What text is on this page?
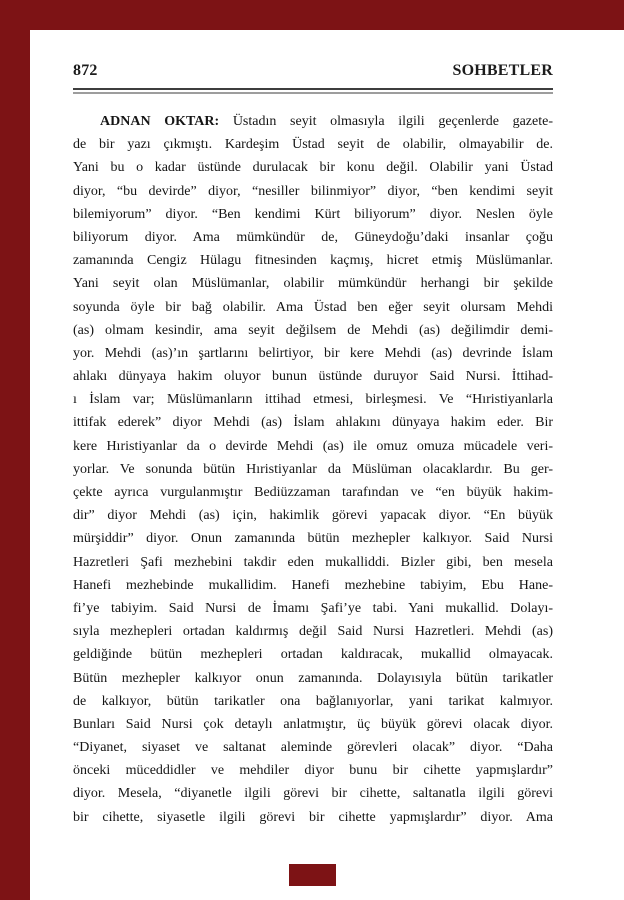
872	SOHBETLER
ADNAN OKTAR: Üstadın seyit olmasıyla ilgili geçenlerde gazete-
de bir yazı çıkmıştı. Kardeşim Üstad seyit de olabilir, olmayabilir de.
Yani bu o kadar üstünde durulacak bir konu değil. Olabilir yani Üstad
diyor, “bu devirde” diyor, “nesiller bilinmiyor” diyor, “ben kendimi seyit
bilemiyorum” diyor. “Ben kendimi Kürt biliyorum” diyor. Neslen öyle
biliyorum diyor. Ama mümkündür de, Güneydoğu’daki insanlar çoğu
zamanında Cengiz Hülagu fitnesinden kaçmış, hicret etmiş Müslümanlar.
Yani seyit olan Müslümanlar, olabilir mümkündür herhangi bir şekilde
soyunda öyle bir bağ olabilir. Ama Üstad ben eğer seyit olursam Mehdi
(as) olmam kesindir, ama seyit değilsem de Mehdi (as) değilimdir demi-
yor. Mehdi (as)’ın şartlarını belirtiyor, bir kere Mehdi (as) devrinde İslam
ahlakı dünyaya hakim oluyor bunun üstünde duruyor Said Nursi. İttihad-
ı İslam var; Müslümanların ittihad etmesi, birleşmesi. Ve “Hıristiyanlarla
ittifak ederek” diyor Mehdi (as) İslam ahlakını dünyaya hakim eder. Bir
kere Hıristiyanlar da o devirde Mehdi (as) ile omuz omuza mücadele veri-
yorlar. Ve sonunda bütün Hıristiyanlar da Müslüman olacaklardır. Bu ger-
çekte ayrıca vurgulanmıştır Bediüzzaman tarafından ve “en büyük hakim-
dir” diyor Mehdi (as) için, hakimlik görevi yapacak diyor. “En büyük
mürşiddir” diyor. Onun zamanında bütün mezhepler kalkıyor. Said Nursi
Hazretleri Şafi mezhebini takdir eden mukalliddi. Bizler gibi, ben mesela
Hanefi mezhebinde mukallidim. Hanefi mezhebine tabiyim, Ebu Hane-
fi’ye tabiyim. Said Nursi de İmamı Şafi’ye tabi. Yani mukallid. Dolayı-
sıyla mezhepleri ortadan kaldırmış değil Said Nursi Hazretleri. Mehdi (as)
geldiğinde bütün mezhepleri ortadan kaldıracak, mukallid olmayacak.
Bütün mezhepler kalkıyor onun zamanında. Dolayısıyla bütün tarikatler
de kalkıyor, bütün tarikatler ona bağlanıyorlar, yani tarikat kalmıyor.
Bunları Said Nursi çok detaylı anlatmıştır, üç büyük görevi olacak diyor.
“Diyanet, siyaset ve saltanat aleminde görevleri olacak” diyor. “Daha
önceki müceddidler ve mehdiler diyor bunu bir cihette yapmışlardır”
diyor. Mesela, “diyanetle ilgili görevi bir cihette, saltanatla ilgili görevi
bir cihette, siyasetle ilgili görevi bir cihette yapmışlardır” diyor. Ama
